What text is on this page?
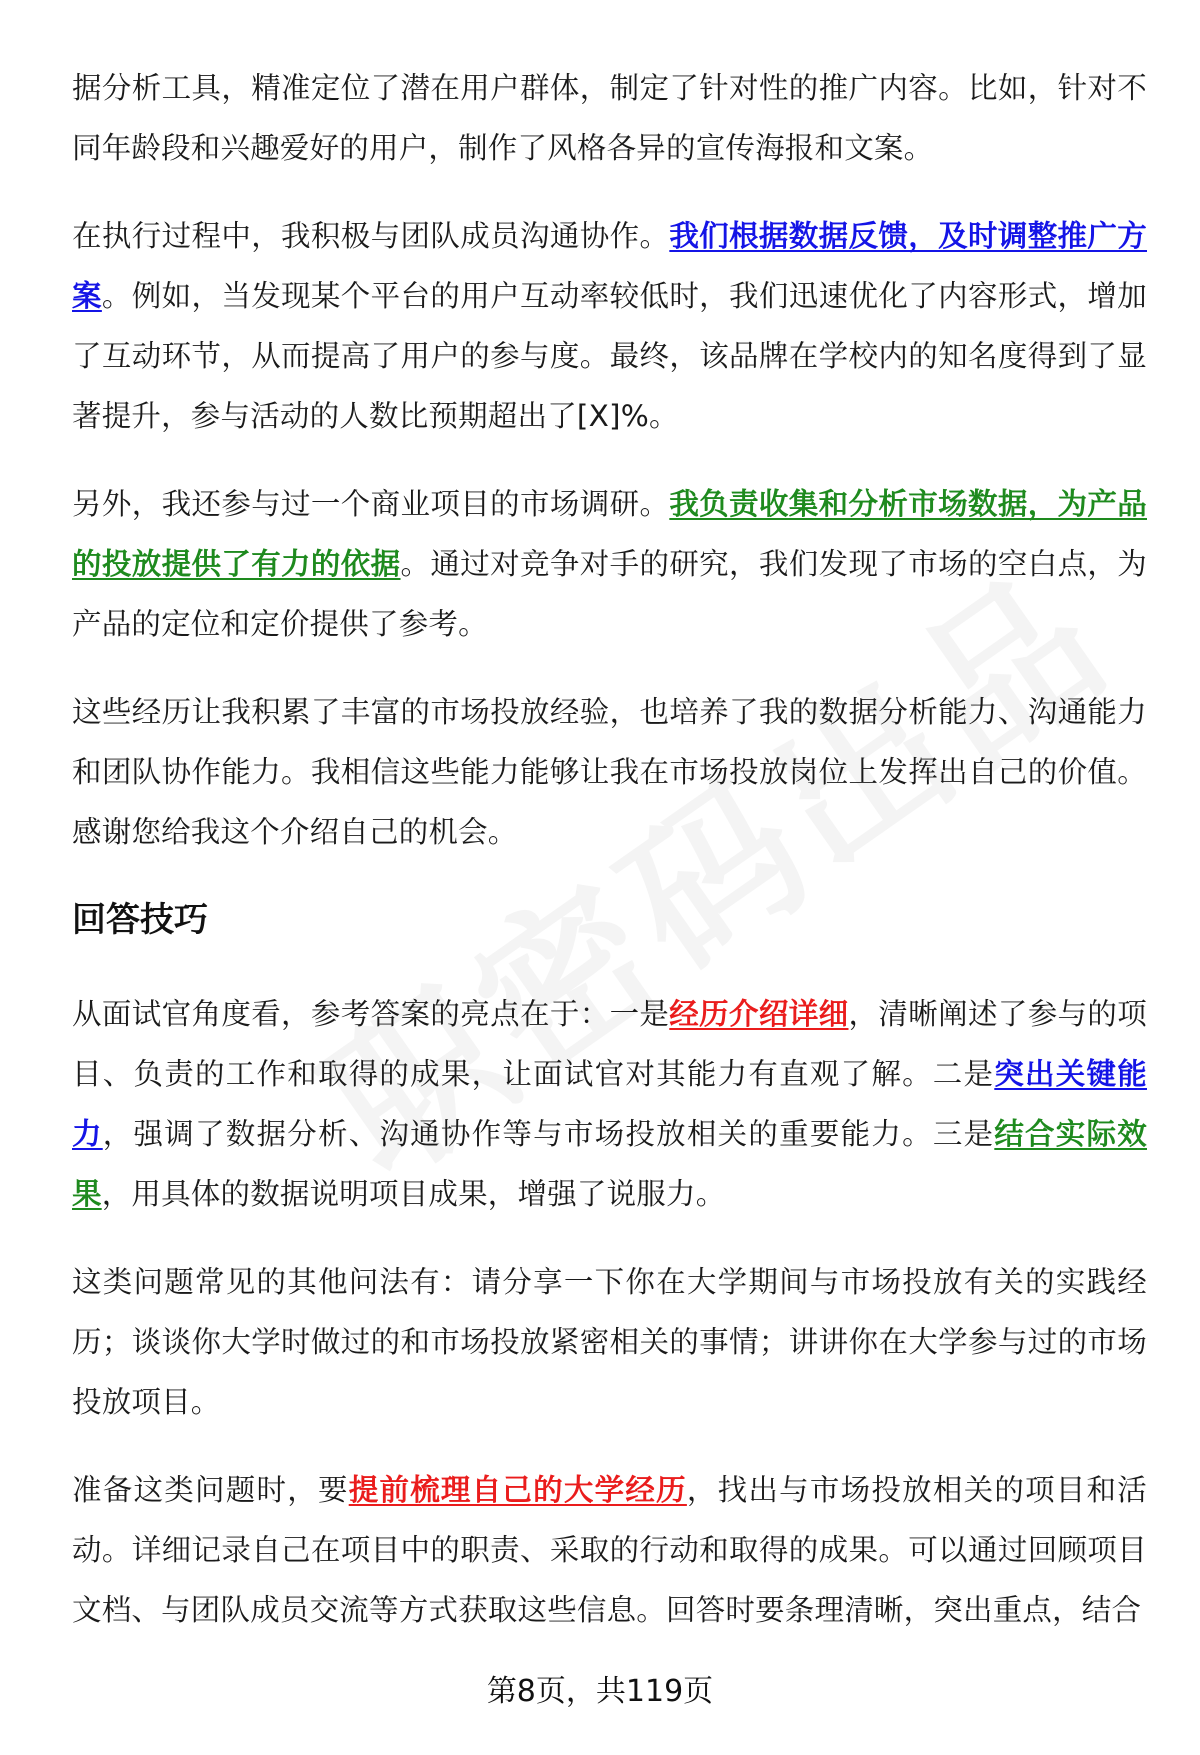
据分析工具，精准定位了潜在用户群体，制定了针对性的推广内容。比如，针对不同年龄段和兴趣爱好的用户，制作了风格各异的宣传海报和文案。

在执行过程中，我积极与团队成员沟通协作。我们根据数据反馈，及时调整推广方案。例如，当发现某个平台的用户互动率较低时，我们迅速优化了内容形式，增加了互动环节，从而提高了用户的参与度。最终，该品牌在学校内的知名度得到了显著提升，参与活动的人数比预期超出了[X]%。

另外，我还参与过一个商业项目的市场调研。我负责收集和分析市场数据，为产品的投放提供了有力的依据。通过对竞争对手的研究，我们发现了市场的空白点，为产品的定位和定价提供了参考。

这些经历让我积累了丰富的市场投放经验，也培养了我的数据分析能力、沟通能力和团队协作能力。我相信这些能力能够让我在市场投放岗位上发挥出自己的价值。感谢您给我这个介绍自己的机会。

回答技巧

从面试官角度看，参考答案的亮点在于：一是经历介绍详细，清晰阐述了参与的项目、负责的工作和取得的成果，让面试官对其能力有直观了解。二是突出关键能力，强调了数据分析、沟通协作等与市场投放相关的重要能力。三是结合实际效果，用具体的数据说明项目成果，增强了说服力。

这类问题常见的其他问法有：请分享一下你在大学期间与市场投放有关的实践经历；谈谈你大学时做过的和市场投放紧密相关的事情；讲讲你在大学参与过的市场投放项目。

准备这类问题时，要提前梳理自己的大学经历，找出与市场投放相关的项目和活动。详细记录自己在项目中的职责、采取的行动和取得的成果。可以通过回顾项目文档、与团队成员交流等方式获取这些信息。回答时要条理清晰，突出重点，结合

第8页，共119页
